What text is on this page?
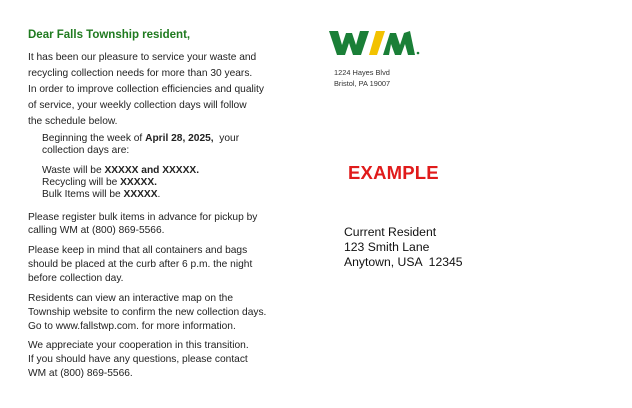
Dear Falls Township resident,
It has been our pleasure to service your waste and
recycling collection needs for more than 30 years.
In order to improve collection efficiencies and quality
of service, your weekly collection days will follow
the schedule below.
Beginning the week of April 28, 2025,  your
collection days are:
Waste will be XXXXX and XXXXX.
Recycling will be XXXXX.
Bulk Items will be XXXXX.
Please register bulk items in advance for pickup by
calling WM at (800) 869-5566.
Please keep in mind that all containers and bags
should be placed at the curb after 6 p.m. the night
before collection day.
Residents can view an interactive map on the
Township website to confirm the new collection days.
Go to www.fallstwp.com. for more information.
We appreciate your cooperation in this transition.
If you should have any questions, please contact
WM at (800) 869-5566.
1224 Hayes Blvd
Bristol, PA 19007
EXAMPLE
Current Resident
123 Smith Lane
Anytown, USA  12345
